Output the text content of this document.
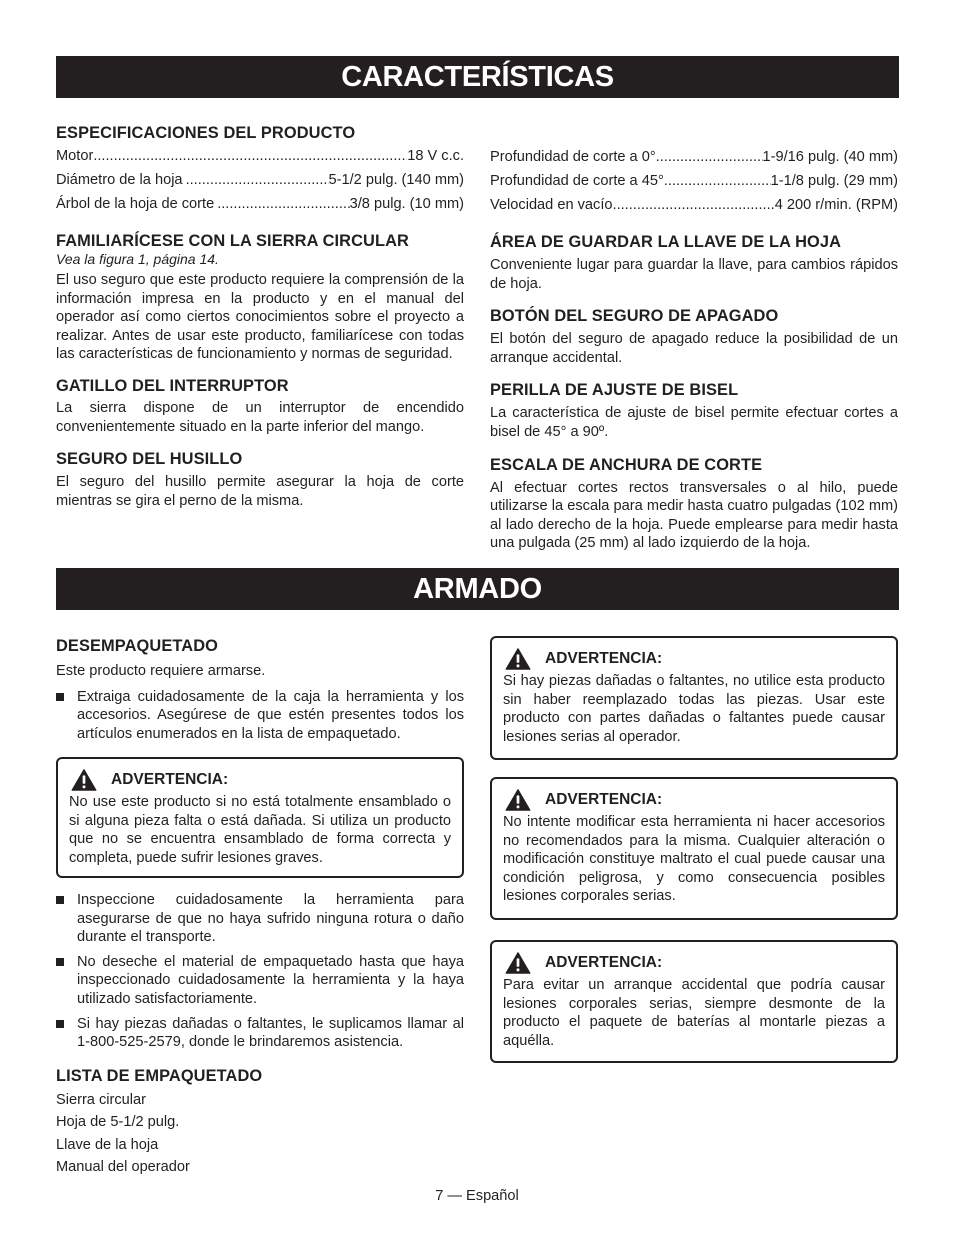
CARACTERÍSTICAS
ESPECIFICACIONES DEL PRODUCTO
Motor .....	18 V c.c.
Diámetro de la hoja .....	5-1/2 pulg. (140 mm)
Árbol de la hoja de corte .....	3/8 pulg. (10 mm)
FAMILIARÍCESE CON LA SIERRA CIRCULAR
Vea la figura 1, página 14.

El uso seguro que este producto requiere la comprensión de la información impresa en la producto y en el manual del operador así como ciertos conocimientos sobre el proyecto a realizar. Antes de usar este producto, familiarícese con todas las características de funcionamiento y normas de seguridad.

GATILLO DEL INTERRUPTOR

La sierra dispone de un interruptor de encendido convenientemente situado en la parte inferior del mango.

SEGURO DEL HUSILLO

El seguro del husillo permite asegurar la hoja de corte mientras se gira el perno de la misma.

Profundidad de corte a 0° .....	1-9/16 pulg. (40 mm)
Profundidad de corte a 45° .....	1-1/8 pulg. (29 mm)
Velocidad en vacío .....	4 200 r/min. (RPM)
ÁREA DE GUARDAR LA LLAVE DE LA HOJA

Conveniente lugar para guardar la llave, para cambios rápidos de hoja.

BOTÓN DEL SEGURO DE APAGADO

El botón del seguro de apagado reduce la posibilidad de un arranque accidental.

PERILLA DE AJUSTE DE BISEL

La característica de ajuste de bisel permite efectuar cortes a bisel de 45° a 90º.

ESCALA DE ANCHURA DE CORTE

Al efectuar cortes rectos transversales o al hilo, puede utilizarse la escala para medir hasta cuatro pulgadas (102 mm) al lado derecho de la hoja. Puede emplearse para medir hasta una pulgada (25 mm) al lado izquierdo de la hoja.

ARMADO
DESEMPAQUETADO

Este producto requiere armarse.

Extraiga cuidadosamente de la caja la herramienta y los accesorios. Asegúrese de que estén presentes todos los artículos enumerados en la lista de empaquetado.
ADVERTENCIA:

No use este producto si no está totalmente ensamblado o si alguna pieza falta o está dañada. Si utiliza un producto que no se encuentra ensamblado de forma correcta y completa, puede sufrir lesiones graves.

Inspeccione cuidadosamente la herramienta para asegurarse de que no haya sufrido ninguna rotura o daño durante el transporte.
No deseche el material de empaquetado hasta que haya inspeccionado cuidadosamente la herramienta y la haya utilizado satisfactoriamente.
Si hay piezas dañadas o faltantes, le suplicamos llamar al 1-800-525-2579, donde le brindaremos asistencia.
LISTA DE EMPAQUETADO
Sierra circular
Hoja de 5-1/2 pulg.
Llave de la hoja
Manual del operador
ADVERTENCIA:

Si hay piezas dañadas o faltantes, no utilice esta producto sin haber reemplazado todas las piezas. Usar este producto con partes dañadas o faltantes puede causar lesiones serias al operador.

ADVERTENCIA:

No intente modificar esta herramienta ni hacer accesorios no recomendados para la misma. Cualquier alteración o modificación constituye maltrato el cual puede causar una condición peligrosa, y como consecuencia posibles lesiones corporales serias.

ADVERTENCIA:

Para evitar un arranque accidental que podría causar lesiones corporales serias, siempre desmonte de la producto el paquete de baterías al montarle piezas a aquélla.

7 — Español
